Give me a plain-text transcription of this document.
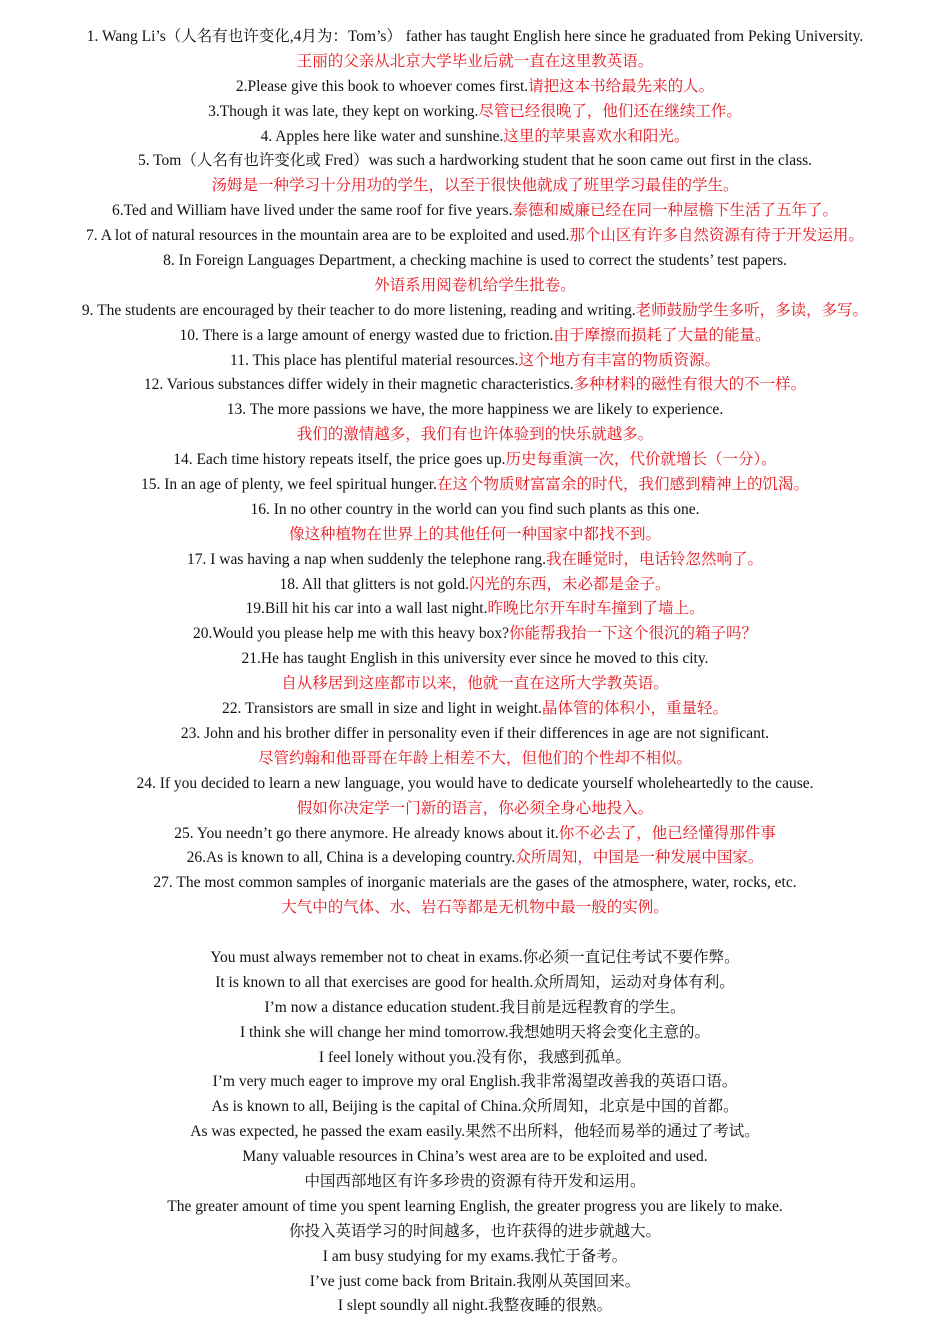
1. Wang Li’s（人名有也许变化,4月为：Tom’s） father has taught English here since he graduated from Peking University.
王丽的父亲从北京大学毕业后就一直在这里教英语。
2.Please give this book to whoever comes first.请把这本书给最先来的人。
3.Though it was late, they kept on working.尽管已经很晚了，他们还在继续工作。
4. Apples here like water and sunshine.这里的苹果喜欢水和阳光。
5. Tom（人名有也许变化或 Fred）was such a hardworking student that he soon came out first in the class.
汤姆是一种学习十分用功的学生，以至于很快他就成了班里学习最佳的学生。
6.Ted and William have lived under the same roof for five years.泰德和威廉已经在同一种屋檐下生活了五年了。
7. A lot of natural resources in the mountain area are to be exploited and used.那个山区有许多自然资源有待于开发运用。
8. In Foreign Languages Department, a checking machine is used to correct the students’ test papers.
外语系用阅卷机给学生批卷。
9. The students are encouraged by their teacher to do more listening, reading and writing.老师鼓励学生多听，多读，多写。
10. There is a large amount of energy wasted due to friction.由于摩擦而损耗了大量的能量。
11. This place has plentiful material resources.这个地方有丰富的物质资源。
12. Various substances differ widely in their magnetic characteristics.多种材料的磁性有很大的不一样。
13. The more passions we have, the more happiness we are likely to experience.
我们的激情越多，我们有也许体验到的快乐就越多。
14. Each time history repeats itself, the price goes up.历史每重演一次，代价就增长（一分）。
15. In an age of plenty, we feel spiritual hunger.在这个物质财富富余的时代，我们感到精神上的饥渴。
16. In no other country in the world can you find such plants as this one.
像这种植物在世界上的其他任何一种国家中都找不到。
17. I was having a nap when suddenly the telephone rang.我在睡觉时，电话铃忽然响了。
18. All that glitters is not gold.闪光的东西，未必都是金子。
19.Bill hit his car into a wall last night.昨晚比尔开车时车撞到了墙上。
20.Would you please help me with this heavy box?你能帮我抬一下这个很沉的箱子吗？
21.He has taught English in this university ever since he moved to this city.
自从移居到这座都市以来，他就一直在这所大学教英语。
22. Transistors are small in size and light in weight.晶体管的体积小，重量轻。
23. John and his brother differ in personality even if their differences in age are not significant.
尽管约翰和他哥哥在年龄上相差不大，但他们的个性却不相似。
24. If you decided to learn a new language, you would have to dedicate yourself wholeheartedly to the cause.
假如你决定学一门新的语言，你必须全身心地投入。
25. You needn’t go there anymore. He already knows about it.你不必去了，他已经懂得那件事
26.As is known to all, China is a developing country.众所周知，中国是一种发展中国家。
27. The most common samples of inorganic materials are the gases of the atmosphere, water, rocks, etc.
大气中的气体、水、岩石等都是无机物中最一般的实例。
You must always remember not to cheat in exams.你必须一直记住考试不要作弊。
It is known to all that exercises are good for health.众所周知，运动对身体有利。
I’m now a distance education student.我目前是远程教育的学生。
I think she will change her mind tomorrow.我想她明天将会变化主意的。
I feel lonely without you.没有你，我感到孤单。
I’m very much eager to improve my oral English.我非常渴望改善我的英语口语。
As is known to all, Beijing is the capital of China.众所周知，北京是中国的首都。
As was expected, he passed the exam easily.果然不出所料，他轻而易举的通过了考试。
Many valuable resources in China’s west area are to be exploited and used.
中国西部地区有许多珍贵的资源有待开发和运用。
The greater amount of time you spent learning English, the greater progress you are likely to make.
你投入英语学习的时间越多，也许获得的进步就越大。
I am busy studying for my exams.我忙于备考。
I’ve just come back from Britain.我刚从英国回来。
I slept soundly all night.我整夜睡的很熟。
